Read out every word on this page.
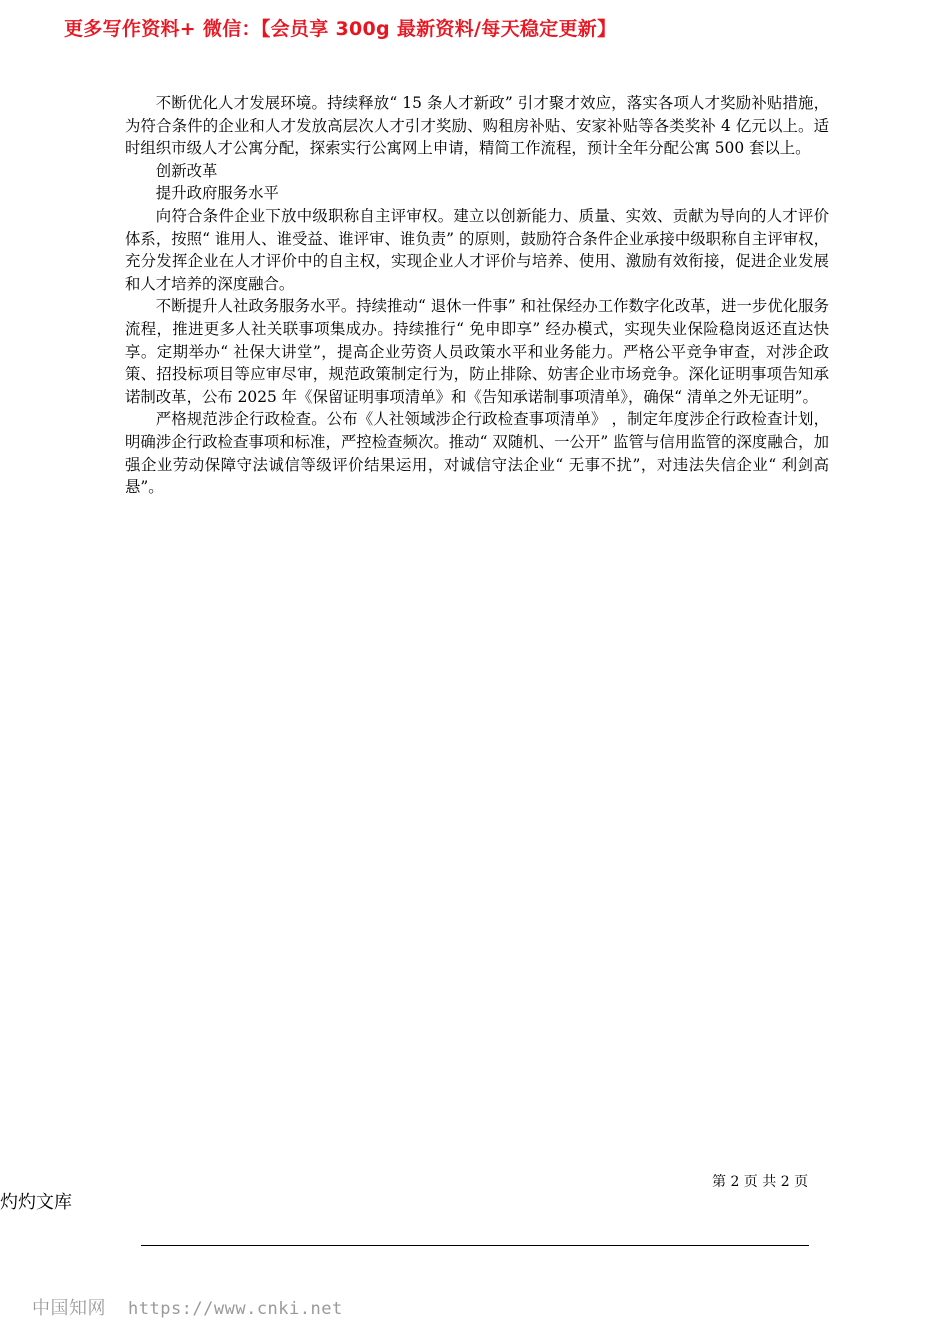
更多写作资料+ 微信：【会员享 300g 最新资料/每天稳定更新】

不断优化人才发展环境。持续释放“ 15 条人才新政” 引才聚才效应，落实各项人才奖励补贴措施，为符合条件的企业和人才发放高层次人才引才奖励、购租房补贴、安家补贴等各类奖补 4 亿元以上。适时组织市级人才公寓分配，探索实行公寓网上申请，精简工作流程，预计全年分配公寓 500 套以上。

创新改革

提升政府服务水平

向符合条件企业下放中级职称自主评审权。建立以创新能力、质量、实效、贡献为导向的人才评价体系，按照“ 谁用人、谁受益、谁评审、谁负责” 的原则，鼓励符合条件企业承接中级职称自主评审权，充分发挥企业在人才评价中的自主权，实现企业人才评价与培养、使用、激励有效衔接，促进企业发展和人才培养的深度融合。

不断提升人社政务服务水平。持续推动“ 退休一件事” 和社保经办工作数字化改革，进一步优化服务流程，推进更多人社关联事项集成办。持续推行“ 免申即享” 经办模式，实现失业保险稳岗返还直达快享。定期举办“ 社保大讲堂”，提高企业劳资人员政策水平和业务能力。严格公平竞争审查，对涉企政策、招投标项目等应审尽审，规范政策制定行为，防止排除、妨害企业市场竞争。深化证明事项告知承诺制改革，公布 2025 年《保留证明事项清单》和《告知承诺制事项清单》，确保“ 清单之外无证明”。

严格规范涉企行政检查。公布《人社领域涉企行政检查事项清单》 ，制定年度涉企行政检查计划，明确涉企行政检查事项和标准，严控检查频次。推动“ 双随机、一公开” 监管与信用监管的深度融合，加强企业劳动保障守法诚信等级评价结果运用，对诚信守法企业“ 无事不扰”，对违法失信企业“ 利剑高悬”。

第 2 页 共 2 页
灼灼文库
中国知网 https://www.cnki.net
